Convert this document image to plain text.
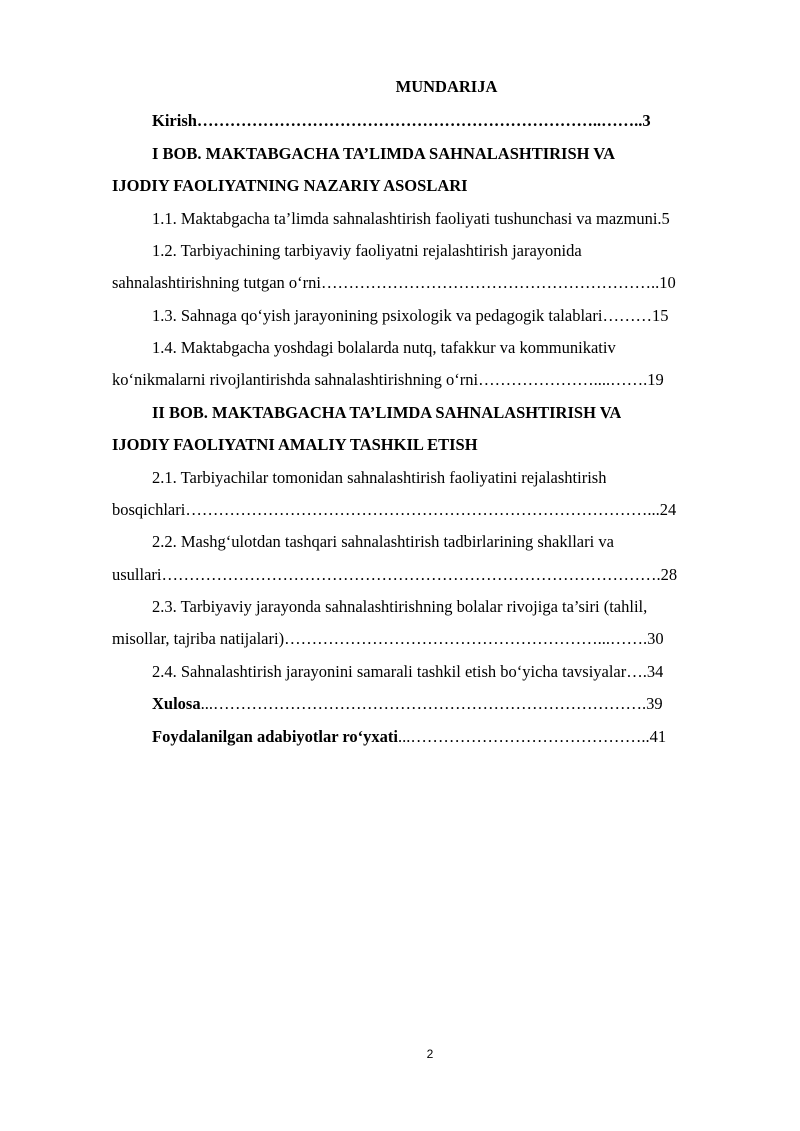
MUNDARIJA
Kirish………………………………………………………………..……..3
I BOB. MAKTABGACHA TA’LIMDA SAHNALASHTIRISH VA
IJODIY FAOLIYATNING NAZARIY ASOSLARI
1.1. Maktabgacha ta’limda sahnalashtirish faoliyati tushunchasi va mazmuni.5
1.2. Tarbiyachining tarbiyaviy faoliyatni rejalashtirish jarayonida
sahnalashtirishning tutgan o‘rni……………………………………………………..10
1.3. Sahnaga qo‘yish jarayonining psixologik va pedagogik talablari………15
1.4. Maktabgacha yoshdagi bolalarda nutq, tafakkur va kommunikativ
ko‘nikmalarni rivojlantirishda sahnalashtirishning o‘rni…………………....…….19
II BOB. MAKTABGACHA TA’LIMDA SAHNALASHTIRISH VA
IJODIY FAOLIYATNI AMALIY TASHKIL ETISH
2.1. Tarbiyachilar tomonidan sahnalashtirish faoliyatini rejalashtirish
bosqichlari…………………………………………………………………………...24
2.2. Mashg‘ulotdan tashqari sahnalashtirish tadbirlarining shakllari va
usullari……………………………………………………………………………….28
2.3. Tarbiyaviy jarayonda sahnalashtirishning bolalar rivojiga ta’siri (tahlil,
misollar, tajriba natijalari)…………………………………………………...…….30
2.4. Sahnalashtirish jarayonini samarali tashkil etish bo‘yicha tavsiyalar….34
Xulosa...…………………………………………………………………….39
Foydalanilgan adabiyotlar ro‘yxati...……………………………………..41
2
